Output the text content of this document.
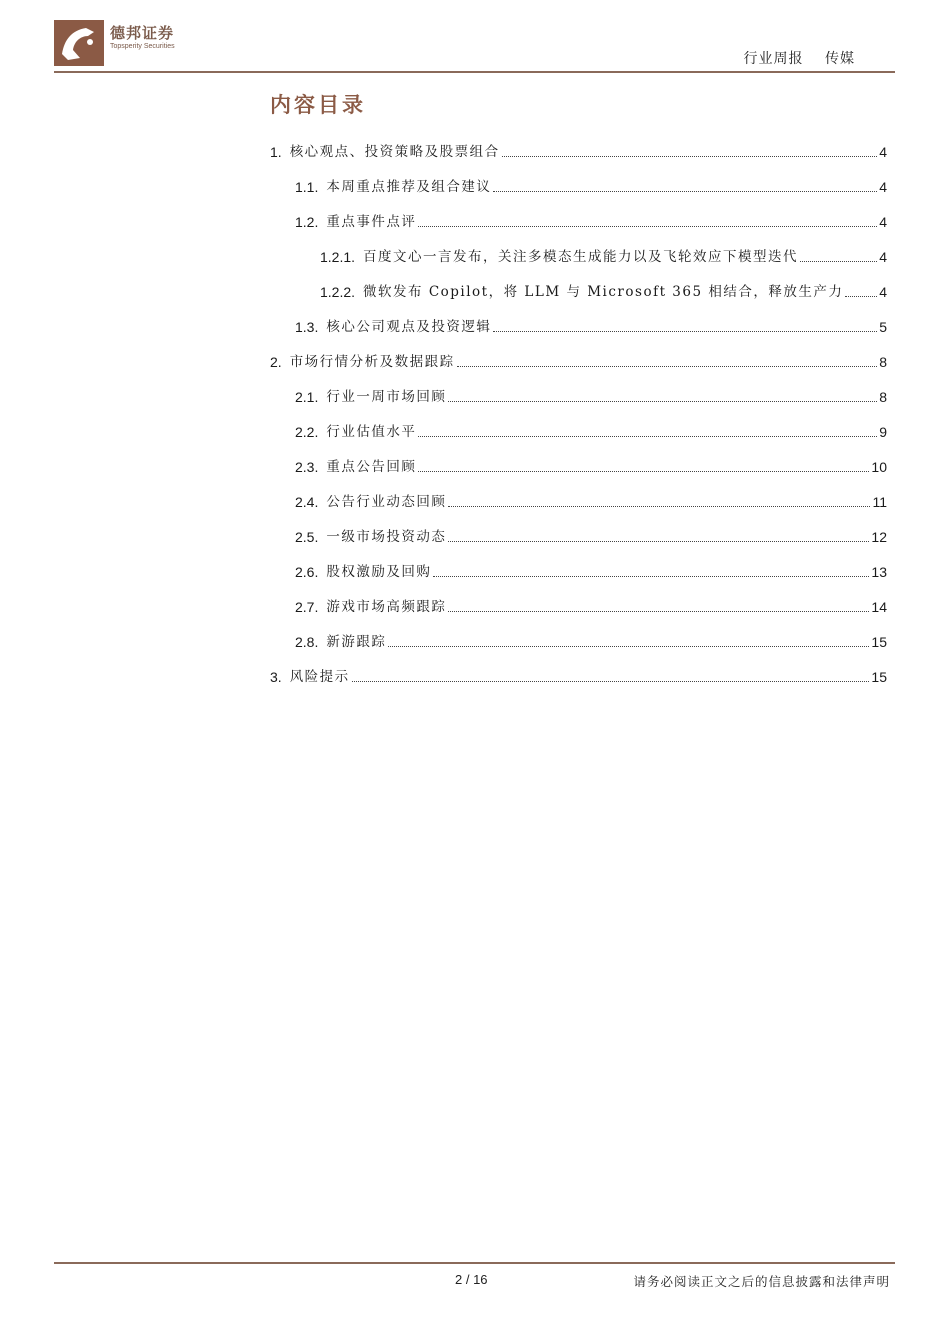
德邦证券
Topsperity Securities
行业周报 传媒
内容目录
1. 核心观点、投资策略及股票组合	4
1.1. 本周重点推荐及组合建议	4
1.2. 重点事件点评	4
1.2.1. 百度文心一言发布，关注多模态生成能力以及飞轮效应下模型迭代	4
1.2.2. 微软发布 Copilot，将 LLM 与 Microsoft 365 相结合，释放生产力	4
1.3. 核心公司观点及投资逻辑	5
2. 市场行情分析及数据跟踪	8
2.1. 行业一周市场回顾	8
2.2. 行业估值水平	9
2.3. 重点公告回顾	10
2.4. 公告行业动态回顾	11
2.5. 一级市场投资动态	12
2.6. 股权激励及回购	13
2.7. 游戏市场高频跟踪	14
2.8. 新游跟踪	15
3. 风险提示	15
2 / 16	请务必阅读正文之后的信息披露和法律声明
